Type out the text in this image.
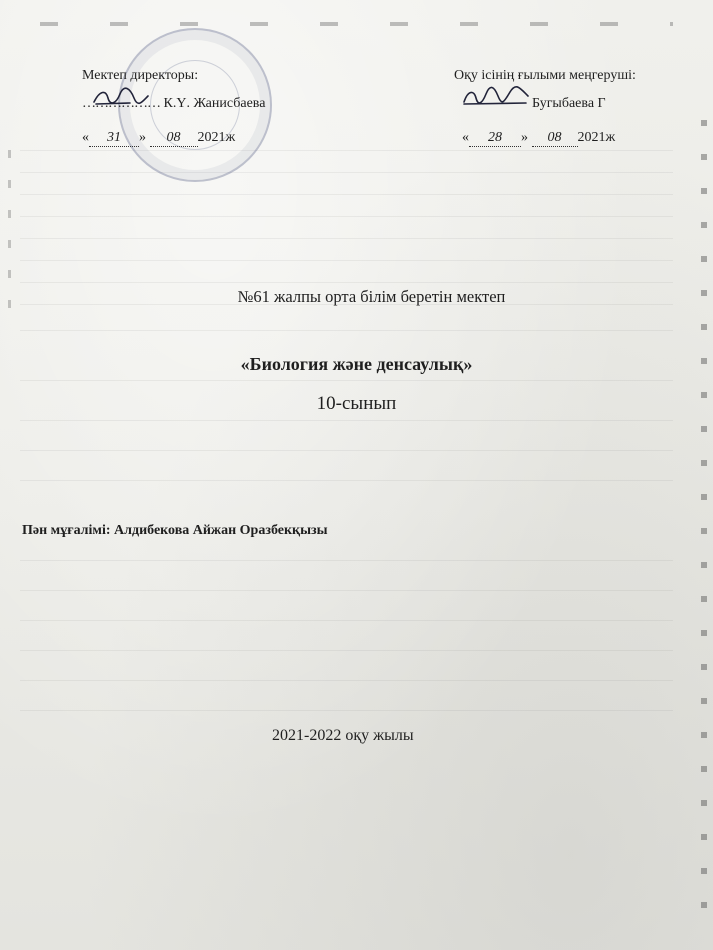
Мектеп директоры:
……………… К.Ү. Жанисбаева
« 31 » 08 2021ж
Оқу ісінің ғылыми меңгеруші:
Бугыбаева Г
« 28 » 08 2021ж
№61 жалпы орта білім беретін мектеп
«Биология және денсаулық»
10-сынып
Пән мұғалімі: Алдибекова Айжан Оразбекқызы
2021-2022 оқу жылы
